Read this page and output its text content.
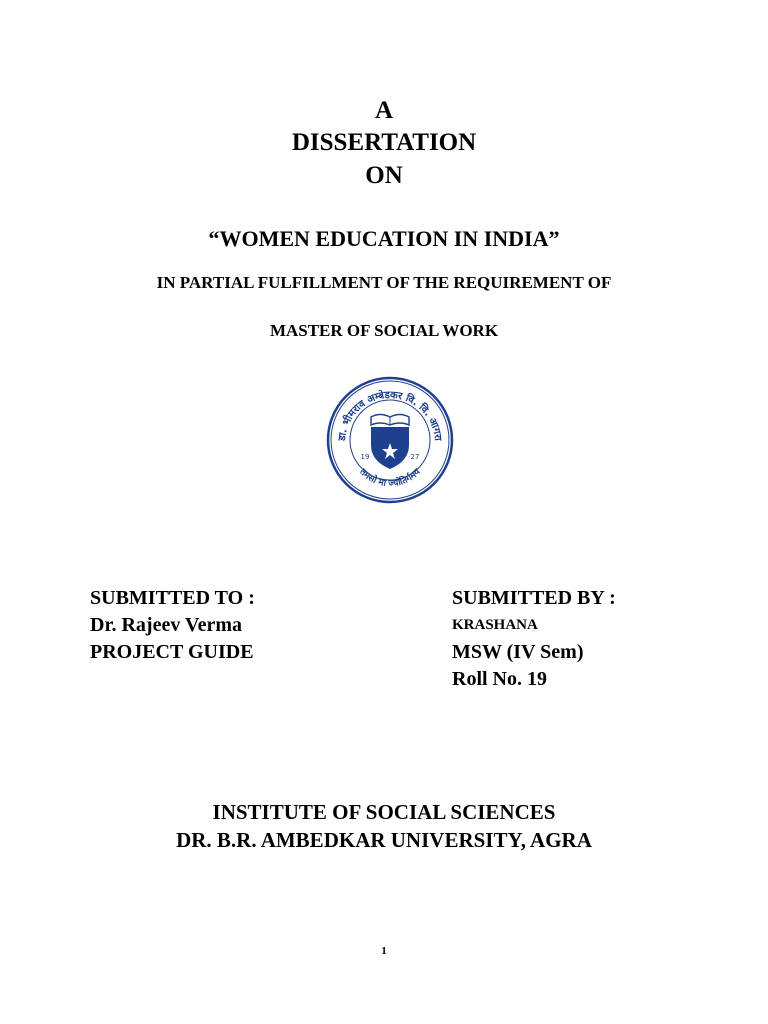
A
DISSERTATION
ON
“WOMEN EDUCATION IN INDIA”
IN PARTIAL FULFILLMENT OF THE REQUIREMENT OF
MASTER OF SOCIAL WORK
डा. भीमराव अम्बेडकर वि. वि. आगरा
तमसो मा ज्योतिर्गमय
19	27
SUBMITTED TO :
Dr. Rajeev Verma
PROJECT GUIDE
SUBMITTED BY :
KRASHANA
MSW (IV Sem)
Roll No. 19
INSTITUTE OF SOCIAL SCIENCES
DR. B.R. AMBEDKAR UNIVERSITY, AGRA
1
